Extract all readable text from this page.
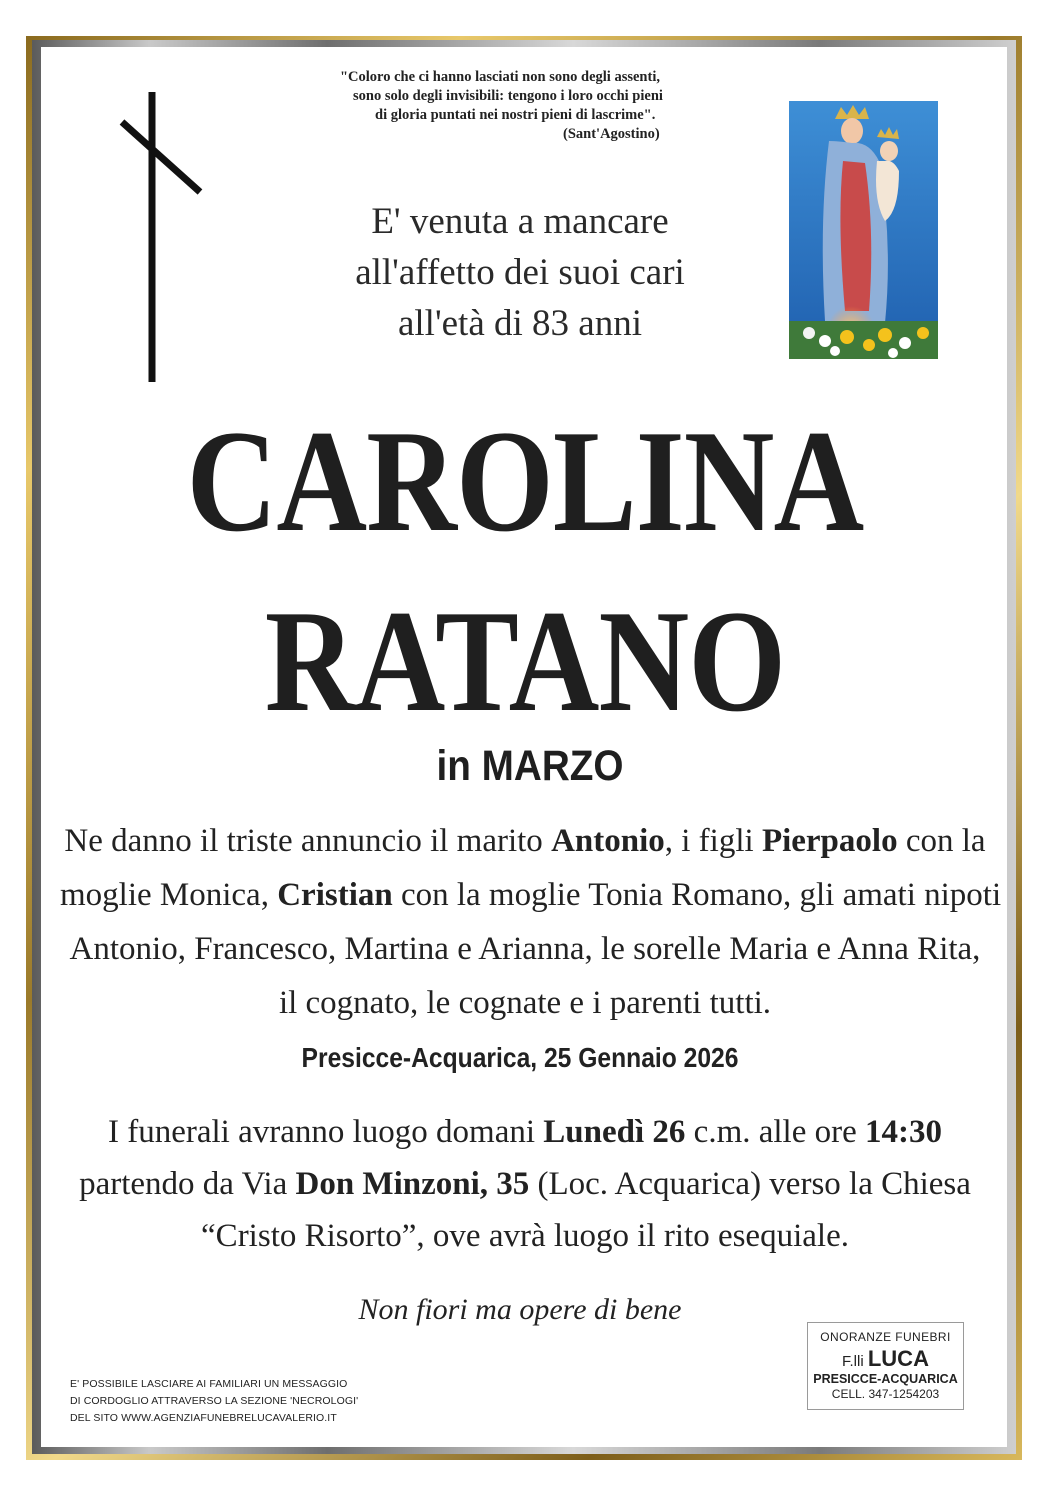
"Coloro che ci hanno lasciati non sono degli assenti,
sono solo degli invisibili: tengono i loro occhi pieni
di gloria puntati nei nostri pieni di lascrime".
(Sant'Agostino)
E' venuta a mancare
all'affetto dei suoi cari
all'età di 83 anni
CAROLINA
RATANO
in MARZO
Ne danno il triste annuncio il marito Antonio, i figli Pierpaolo con la
moglie Monica, Cristian con la moglie Tonia Romano, gli amati nipoti
Antonio, Francesco, Martina e Arianna, le sorelle Maria e Anna Rita,
il cognato, le cognate e i parenti tutti.
Presicce-Acquarica, 25 Gennaio 2026
I funerali avranno luogo domani Lunedì 26 c.m. alle ore 14:30
partendo da Via Don Minzoni, 35 (Loc. Acquarica) verso la Chiesa
“Cristo Risorto”, ove avrà luogo il rito esequiale.
Non fiori ma opere di bene
E' POSSIBILE LASCIARE AI FAMILIARI UN MESSAGGIO
DI CORDOGLIO ATTRAVERSO LA SEZIONE 'NECROLOGI'
DEL SITO WWW.AGENZIAFUNEBRELUCAVALERIO.IT
ONORANZE FUNEBRI
F.lli LUCA
PRESICCE-ACQUARICA
CELL. 347-1254203
